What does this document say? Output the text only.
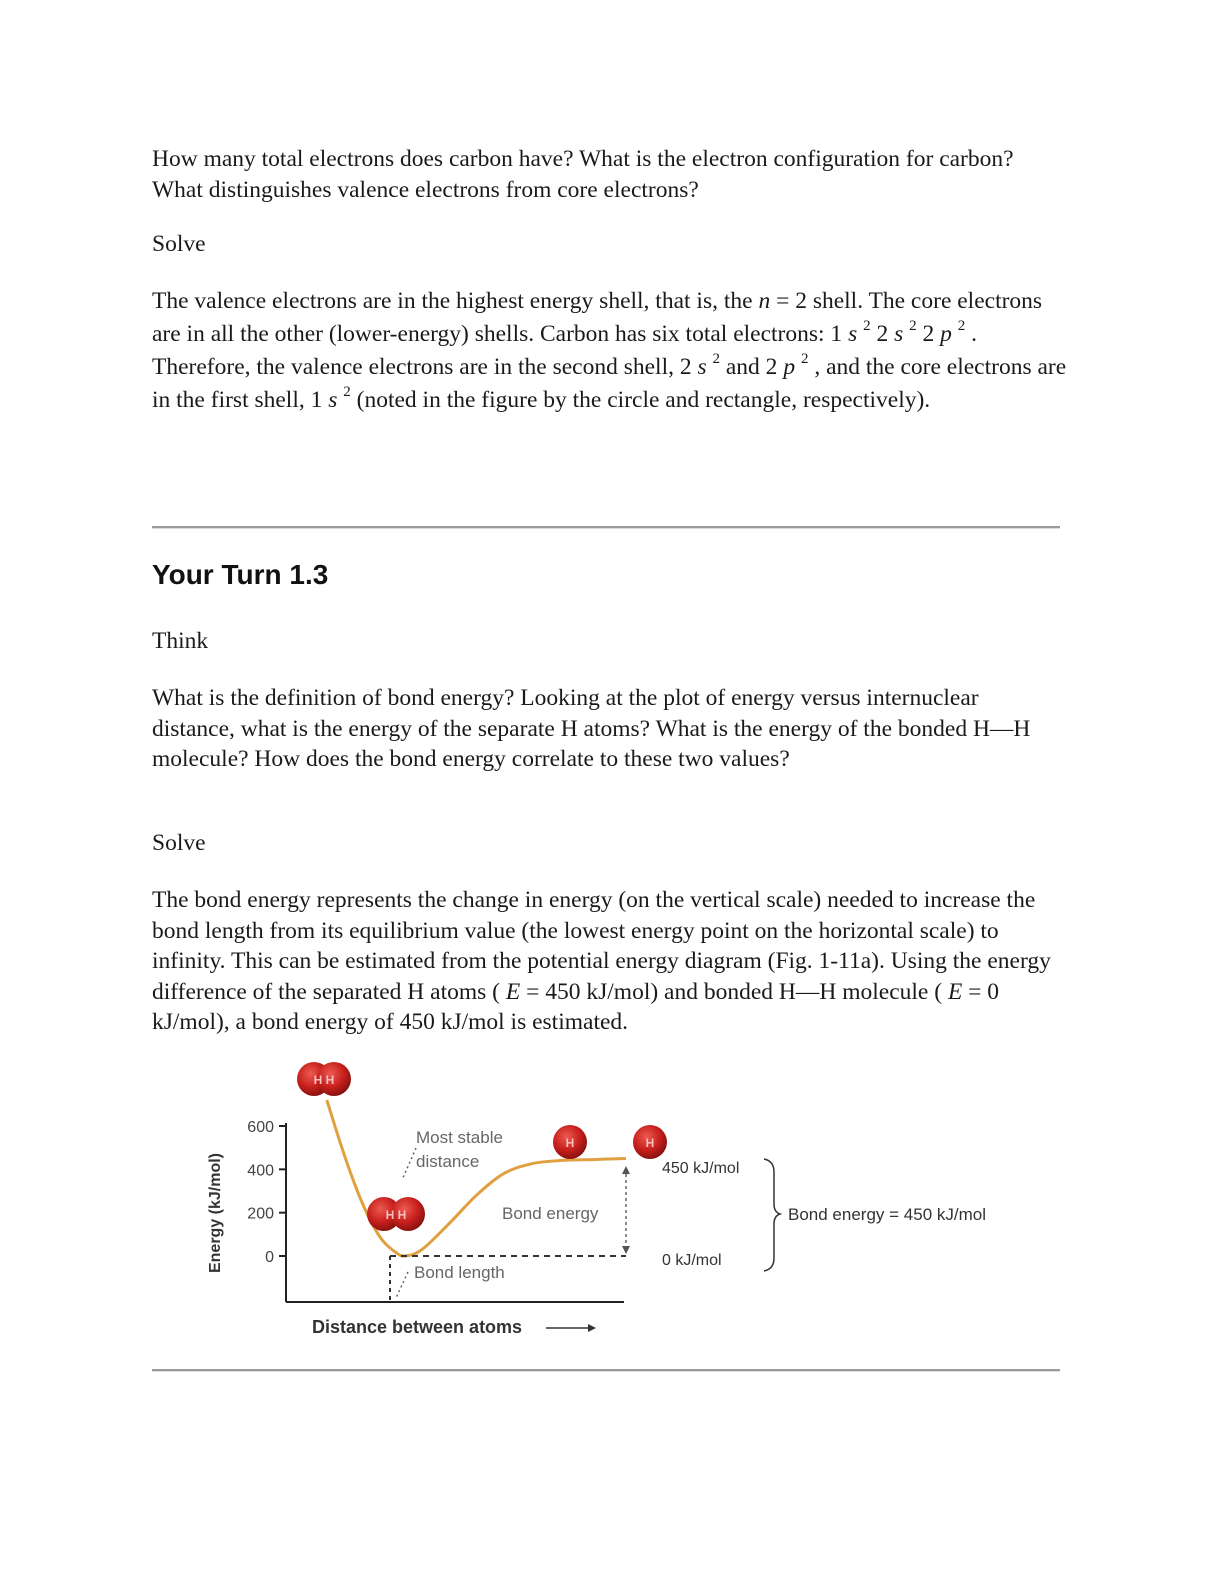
How many total electrons does carbon have? What is the electron configuration for carbon? What distinguishes valence electrons from core electrons?

Solve

The valence electrons are in the highest energy shell, that is, the n = 2 shell. The core electrons are in all the other (lower-energy) shells. Carbon has six total electrons: 1 s $^2$ 2 s $^2$ 2 p $^2$ . Therefore, the valence electrons are in the second shell, 2 s $^2$ and 2 p $^2$ , and the core electrons are in the first shell, 1 s $^2$ (noted in the figure by the circle and rectangle, respectively).

Your Turn 1.3

Think

What is the definition of bond energy? Looking at the plot of energy versus internuclear distance, what is the energy of the separate H atoms? What is the energy of the bonded H—H molecule? How does the bond energy correlate to these two values?

Solve

The bond energy represents the change in energy (on the vertical scale) needed to increase the bond length from its equilibrium value (the lowest energy point on the horizontal scale) to infinity. This can be estimated from the potential energy diagram (Fig. 1-11a). Using the energy difference of the separated H atoms ( E = 450 kJ/mol) and bonded H—H molecule ( E = 0 kJ/mol), a bond energy of 450 kJ/mol is estimated.

0
200
400
600
Energy (kJ/mol)
Distance between atoms
Most stable
distance
Bond energy
Bond length
450 kJ/mol
0 kJ/mol
Bond energy = 450 kJ/mol
H H
H H
H	H
